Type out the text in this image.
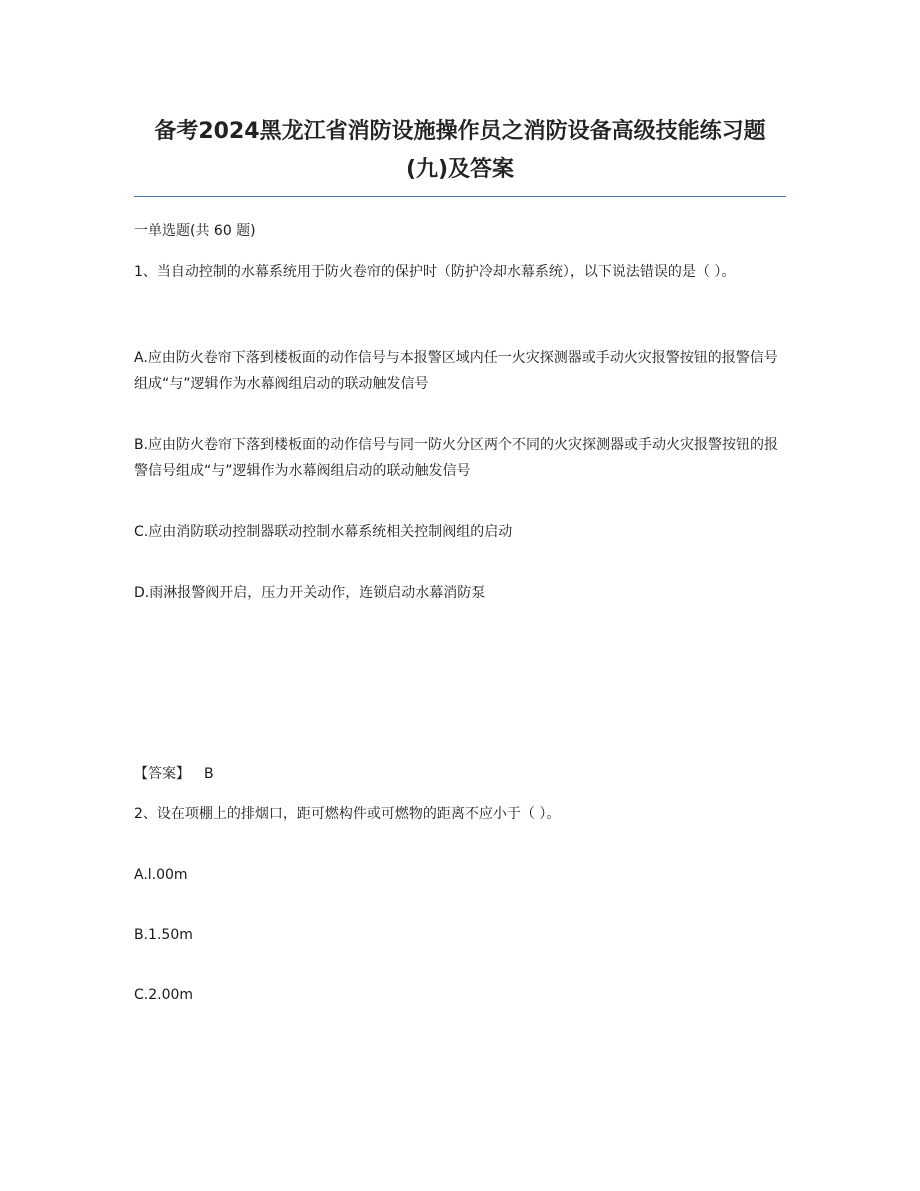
备考2024黑龙江省消防设施操作员之消防设备高级技能练习题(九)及答案
一单选题(共 60 题)
1、当自动控制的水幕系统用于防火卷帘的保护时（防护冷却水幕系统），以下说法错误的是（ ）。
A.应由防火卷帘下落到楼板面的动作信号与本报警区域内任一火灾探测器或手动火灾报警按钮的报警信号组成“与”逻辑作为水幕阀组启动的联动触发信号
B.应由防火卷帘下落到楼板面的动作信号与同一防火分区两个不同的火灾探测器或手动火灾报警按钮的报警信号组成“与”逻辑作为水幕阀组启动的联动触发信号
C.应由消防联动控制器联动控制水幕系统相关控制阀组的启动
D.雨淋报警阀开启，压力开关动作，连锁启动水幕消防泵
【答案】 B
2、设在项棚上的排烟口，距可燃构件或可燃物的距离不应小于（ ）。
A.l.00m
B.1.50m
C.2.00m
